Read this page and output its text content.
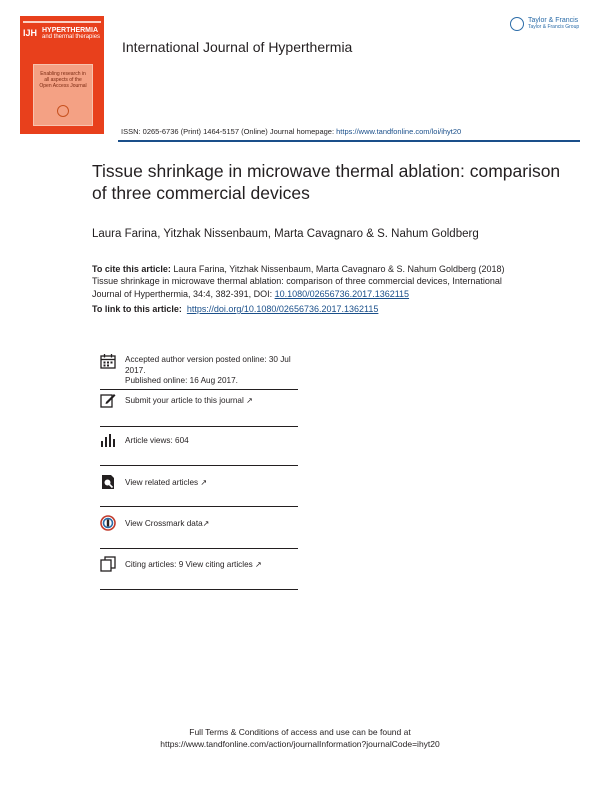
IJH HYPERTHERMIA
and thermal therapies
Enabling research in all aspects of the Open Access Journal
International Journal of Hyperthermia
Taylor & Francis
Taylor & Francis Group
ISSN: 0265-6736 (Print) 1464-5157 (Online) Journal homepage: https://www.tandfonline.com/loi/ihyt20
Tissue shrinkage in microwave thermal ablation: comparison of three commercial devices
Laura Farina, Yitzhak Nissenbaum, Marta Cavagnaro & S. Nahum Goldberg
To cite this article: Laura Farina, Yitzhak Nissenbaum, Marta Cavagnaro & S. Nahum Goldberg (2018) Tissue shrinkage in microwave thermal ablation: comparison of three commercial devices, International Journal of Hyperthermia, 34:4, 382-391, DOI: 10.1080/02656736.2017.1362115
To link to this article: https://doi.org/10.1080/02656736.2017.1362115
Accepted author version posted online: 30 Jul 2017.
Published online: 16 Aug 2017.
Submit your article to this journal ↗
Article views: 604
View related articles ↗
View Crossmark data↗
Citing articles: 9 View citing articles ↗
Full Terms & Conditions of access and use can be found at
https://www.tandfonline.com/action/journalInformation?journalCode=ihyt20
